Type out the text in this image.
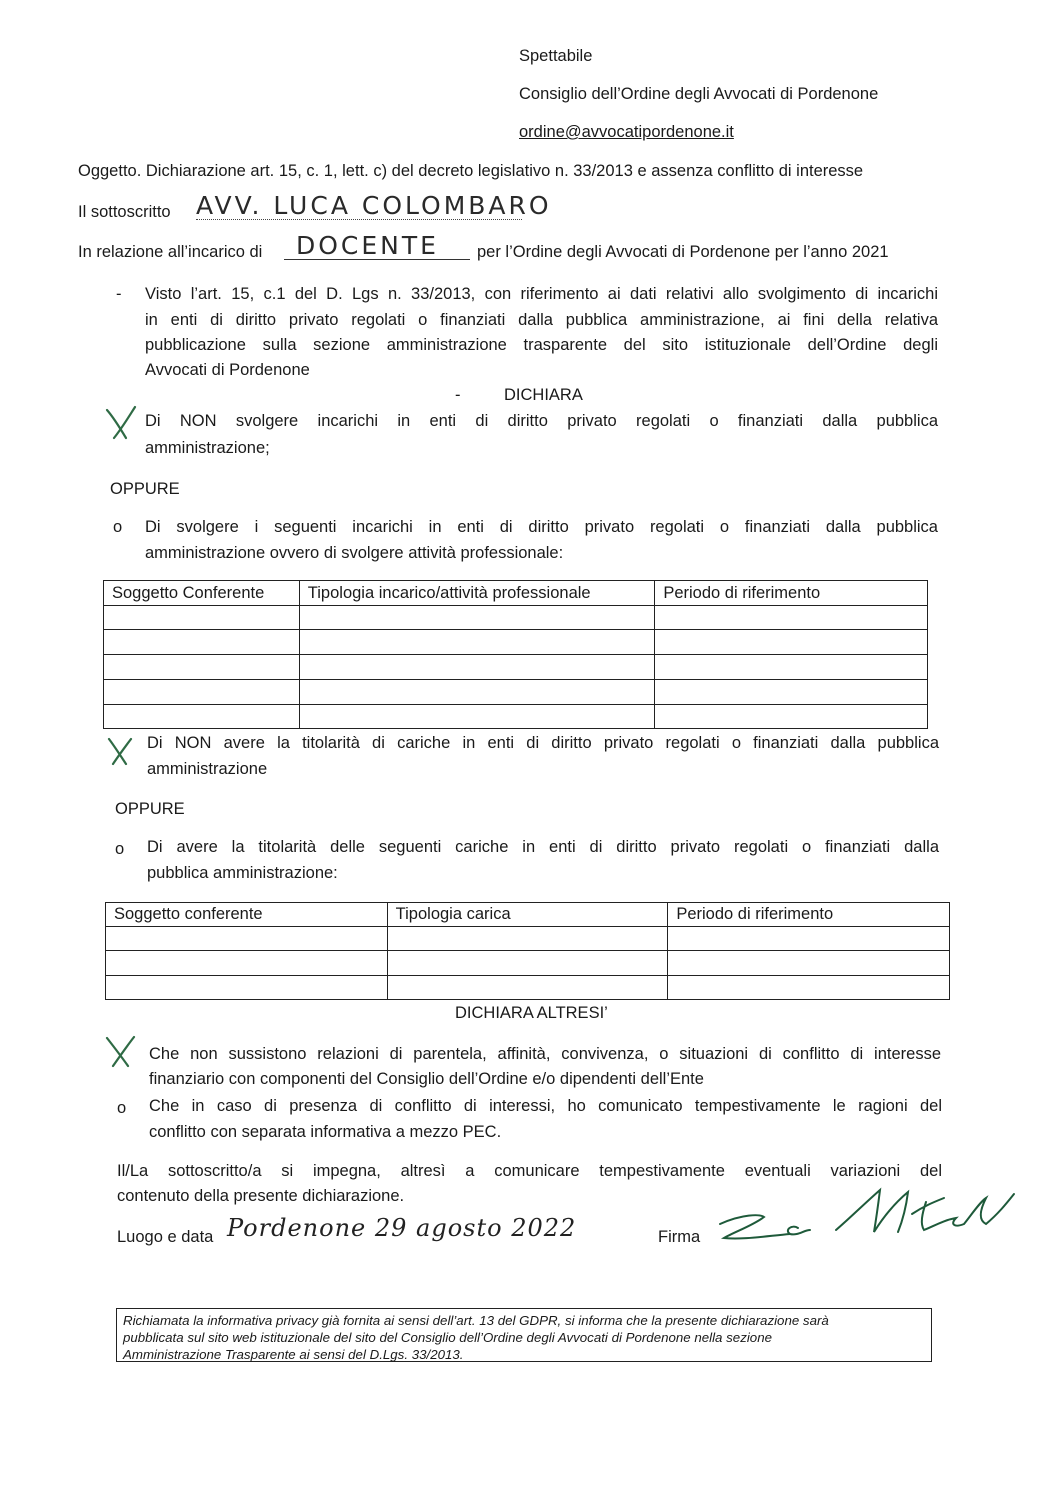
Spettabile
Consiglio dell’Ordine degli Avvocati di Pordenone
ordine@avvocatipordenone.it
Oggetto. Dichiarazione art. 15, c. 1, lett. c) del decreto legislativo n. 33/2013 e assenza conflitto di interesse
Il sottoscritto AVV. LUCA COLOMBARO
In relazione all’incarico di DOCENTE per l’Ordine degli Avvocati di Pordenone per l’anno 2021
- Visto l’art. 15, c.1 del D. Lgs n. 33/2013, con riferimento ai dati relativi allo svolgimento di incarichi
in enti di diritto privato regolati o finanziati dalla pubblica amministrazione, ai fini della relativa
pubblicazione sulla sezione amministrazione trasparente del sito istituzionale dell’Ordine degli
Avvocati di Pordenone
-	DICHIARA
Di NON svolgere incarichi in enti di diritto privato regolati o finanziati dalla pubblica
amministrazione;
OPPURE
o Di svolgere i seguenti incarichi in enti di diritto privato regolati o finanziati dalla pubblica
amministrazione ovvero di svolgere attività professionale:
Soggetto Conferente	Tipologia incarico/attività professionale	Periodo di riferimento

Di NON avere la titolarità di cariche in enti di diritto privato regolati o finanziati dalla pubblica
amministrazione
OPPURE
o Di avere la titolarità delle seguenti cariche in enti di diritto privato regolati o finanziati dalla
pubblica amministrazione:
Soggetto conferente	Tipologia carica	Periodo di riferimento

DICHIARA ALTRESI’
Che non sussistono relazioni di parentela, affinità, convivenza, o situazioni di conflitto di interesse
finanziario con componenti del Consiglio dell’Ordine e/o dipendenti dell’Ente
o Che in caso di presenza di conflitto di interessi, ho comunicato tempestivamente le ragioni del
conflitto con separata informativa a mezzo PEC.
Il/La sottoscritto/a si impegna, altresì a comunicare tempestivamente eventuali variazioni del
contenuto della presente dichiarazione.
Luogo e data Pordenone 29 agosto 2022	Firma
Richiamata la informativa privacy già fornita ai sensi dell’art. 13 del GDPR, si informa che la presente dichiarazione sarà
pubblicata sul sito web istituzionale del sito del Consiglio dell’Ordine degli Avvocati di Pordenone nella sezione
Amministrazione Trasparente ai sensi del D.Lgs. 33/2013.
